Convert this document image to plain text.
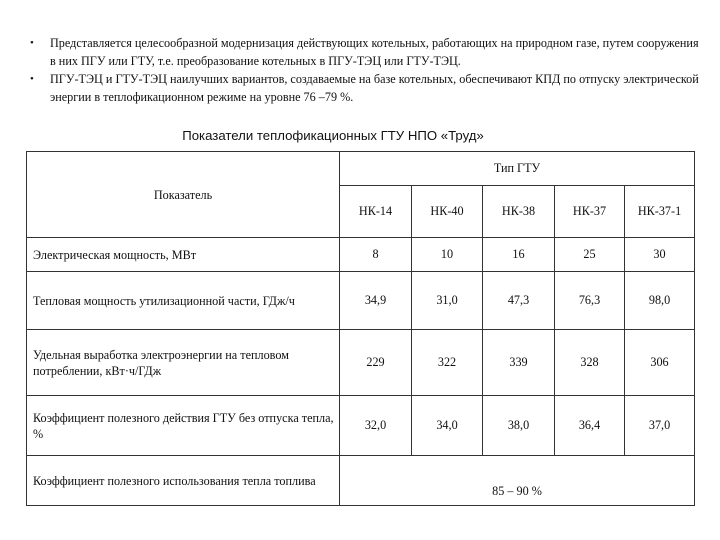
• Представляется целесообразной модернизация действующих котельных, работающих на природном газе, путем сооружения в них ПГУ или ГТУ, т.е. преобразование котельных в ПГУ-ТЭЦ или ГТУ-ТЭЦ.
• ПГУ-ТЭЦ и ГТУ-ТЭЦ наилучших вариантов, создаваемые на базе котельных, обеспечивают КПД по отпуску электрической энергии в теплофикационном режиме на уровне 76 –79 %.
Показатели теплофикационных ГТУ НПО «Труд»
Показатель	Тип ГТУ				
	НК-14	НК-40	НК-38	НК-37	НК-37-1
Электрическая мощность, МВт	8	10	16	25	30
Тепловая мощность утилизационной части, ГДж/ч	34,9	31,0	47,3	76,3	98,0
Удельная выработка электроэнергии на тепловом потреблении, кВт·ч/ГДж	229	322	339	328	306
Коэффициент полезного действия ГТУ без отпуска тепла, %	32,0	34,0	38,0	36,4	37,0
Коэффициент полезного использования тепла топлива	85 – 90 %				
